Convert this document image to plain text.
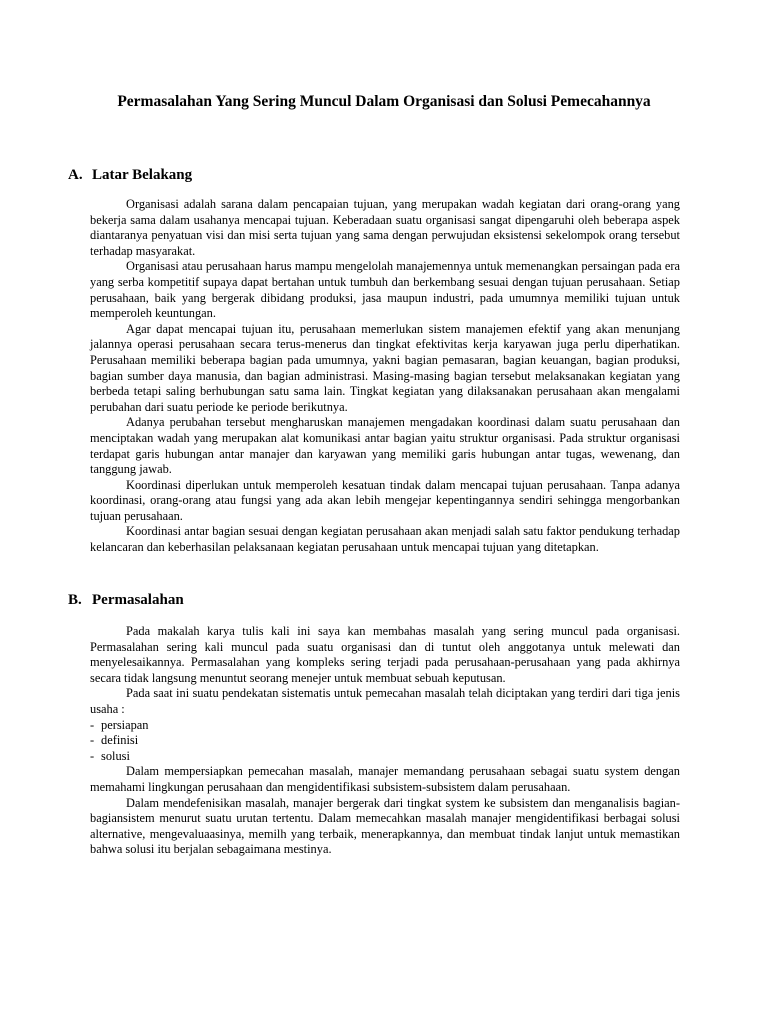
Permasalahan Yang Sering Muncul Dalam Organisasi dan Solusi Pemecahannya
A. Latar Belakang

Organisasi adalah sarana dalam pencapaian tujuan, yang merupakan wadah kegiatan dari orang-orang yang bekerja sama dalam usahanya mencapai tujuan. Keberadaan suatu organisasi sangat dipengaruhi oleh beberapa aspek diantaranya penyatuan visi dan misi serta tujuan yang sama dengan perwujudan eksistensi sekelompok orang tersebut terhadap masyarakat.

Organisasi atau perusahaan harus mampu mengelolah manajemennya untuk memenangkan persaingan pada era yang serba kompetitif supaya dapat bertahan untuk tumbuh dan berkembang sesuai dengan tujuan perusahaan. Setiap perusahaan, baik yang bergerak dibidang produksi, jasa maupun industri, pada umumnya memiliki tujuan untuk memperoleh keuntungan.

Agar dapat mencapai tujuan itu, perusahaan memerlukan sistem manajemen efektif yang akan menunjang jalannya operasi perusahaan secara terus-menerus dan tingkat efektivitas kerja karyawan juga perlu diperhatikan. Perusahaan memiliki beberapa bagian pada umumnya, yakni bagian pemasaran, bagian keuangan, bagian produksi, bagian sumber daya manusia, dan bagian administrasi. Masing-masing bagian tersebut melaksanakan kegiatan yang berbeda tetapi saling berhubungan satu sama lain. Tingkat kegiatan yang dilaksanakan perusahaan akan mengalami perubahan dari suatu periode ke periode berikutnya.

Adanya perubahan tersebut mengharuskan manajemen mengadakan koordinasi dalam suatu perusahaan dan menciptakan wadah yang merupakan alat komunikasi antar bagian yaitu struktur organisasi. Pada struktur organisasi terdapat garis hubungan antar manajer dan karyawan yang memiliki garis hubungan antar tugas, wewenang, dan tanggung jawab.

Koordinasi diperlukan untuk memperoleh kesatuan tindak dalam mencapai tujuan perusahaan. Tanpa adanya koordinasi, orang-orang atau fungsi yang ada akan lebih mengejar kepentingannya sendiri sehingga mengorbankan tujuan perusahaan.

Koordinasi antar bagian sesuai dengan kegiatan perusahaan akan menjadi salah satu faktor pendukung terhadap kelancaran dan keberhasilan pelaksanaan kegiatan perusahaan untuk mencapai tujuan yang ditetapkan.

B. Permasalahan

Pada makalah karya tulis kali ini saya kan membahas masalah yang sering muncul pada organisasi. Permasalahan sering kali muncul pada suatu organisasi dan di tuntut oleh anggotanya untuk melewati dan menyelesaikannya. Permasalahan yang kompleks sering terjadi pada perusahaan-perusahaan yang pada akhirnya secara tidak langsung menuntut seorang menejer untuk membuat sebuah keputusan.

Pada saat ini suatu pendekatan sistematis untuk pemecahan masalah telah diciptakan yang terdiri dari tiga jenis usaha :

- persiapan

- definisi

- solusi

Dalam mempersiapkan pemecahan masalah, manajer memandang perusahaan sebagai suatu system dengan memahami lingkungan perusahaan dan mengidentifikasi subsistem-subsistem dalam perusahaan.

Dalam mendefenisikan masalah, manajer bergerak dari tingkat system ke subsistem dan menganalisis bagian-bagiansistem menurut suatu urutan tertentu. Dalam memecahkan masalah manajer mengidentifikasi berbagai solusi alternative, mengevaluaasinya, memilh yang terbaik, menerapkannya, dan membuat tindak lanjut untuk memastikan bahwa solusi itu berjalan sebagaimana mestinya.
